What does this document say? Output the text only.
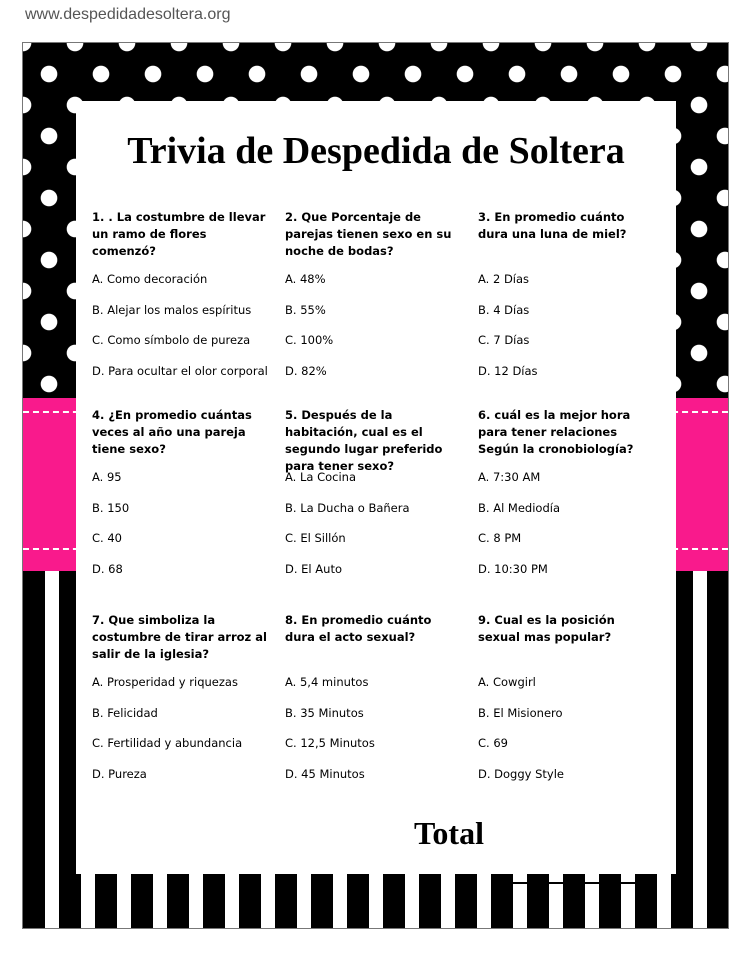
www.despedidadesoltera.org
Trivia de Despedida de Soltera

1. . La costumbre de llevar un ramo de flores comenzó?

A. Como decoración

B. Alejar los malos espíritus

C. Como símbolo de pureza

D. Para ocultar el olor corporal

2. Que Porcentaje de parejas tienen sexo en su noche de bodas?

A. 48%

B. 55%

C. 100%

D. 82%

3. En promedio cuánto dura una luna de miel?

A. 2 Días

B. 4 Días

C. 7 Días

D. 12 Días

4. ¿En promedio cuántas veces al año una pareja tiene sexo?

A. 95

B. 150

C. 40

D. 68

5. Después de la habitación, cual es el segundo lugar preferido para tener sexo?

A. La Cocina

B. La Ducha o Bañera

C. El Sillón

D. El Auto

6. cuál es la mejor hora para tener relaciones Según la cronobiología?

A. 7:30 AM

B. Al Mediodía

C. 8 PM

D. 10:30 PM

7. Que simboliza la costumbre de tirar arroz al salir de la iglesia?

A. Prosperidad y riquezas

B. Felicidad

C. Fertilidad y abundancia

D. Pureza

8. En promedio cuánto dura el acto sexual?

A. 5,4 minutos

B. 35 Minutos

C. 12,5 Minutos

D. 45 Minutos

9. Cual es la posición sexual mas popular?

A. Cowgirl

B. El Misionero

C. 69

D. Doggy Style

Total
